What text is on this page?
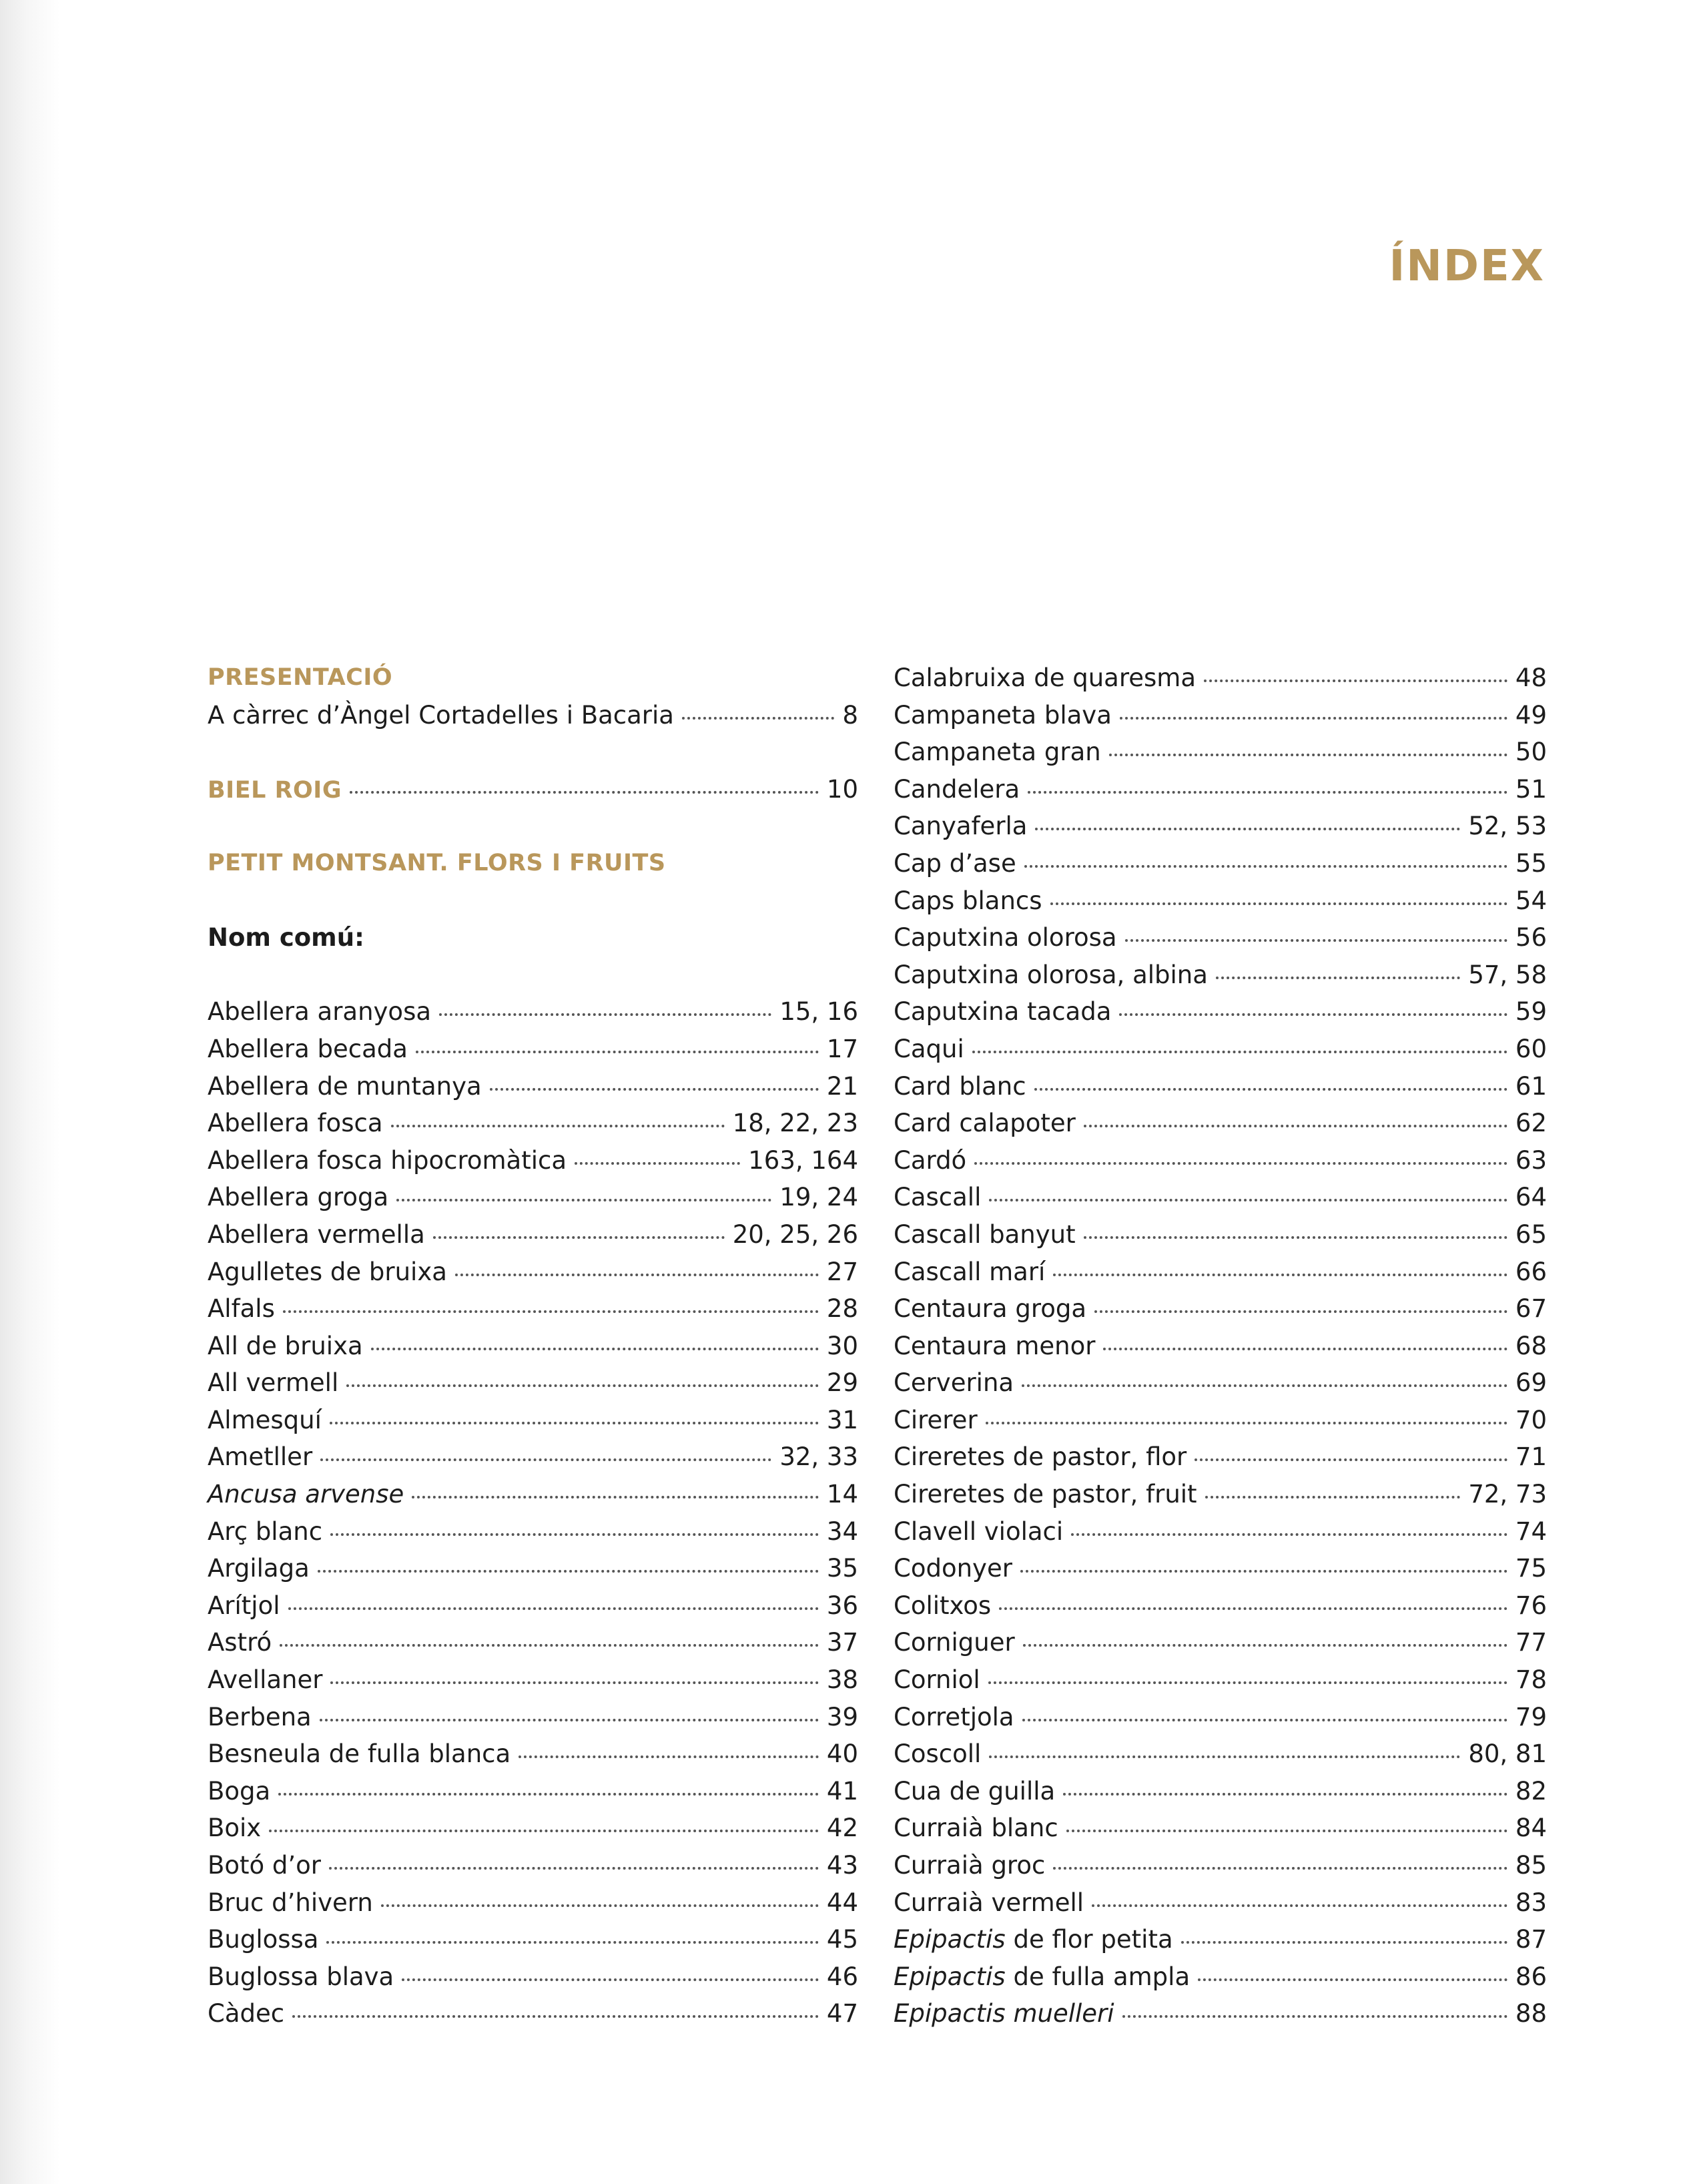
ÍNDEX
PRESENTACIÓ
A càrrec d’Àngel Cortadelles i Bacaria	8
BIEL ROIG	10
PETIT MONTSANT. FLORS I FRUITS
Nom comú:
Abellera aranyosa	15, 16
Abellera becada	17
Abellera de muntanya	21
Abellera fosca	18, 22, 23
Abellera fosca hipocromàtica	163, 164
Abellera groga	19, 24
Abellera vermella	20, 25, 26
Agulletes de bruixa	27
Alfals	28
All de bruixa	30
All vermell	29
Almesquí	31
Ametller	32, 33
Ancusa arvense	14
Arç blanc	34
Argilaga	35
Arítjol	36
Astró	37
Avellaner	38
Berbena	39
Besneula de fulla blanca	40
Boga	41
Boix	42
Botó d’or	43
Bruc d’hivern	44
Buglossa	45
Buglossa blava	46
Càdec	47
Calabruixa de quaresma	48
Campaneta blava	49
Campaneta gran	50
Candelera	51
Canyaferla	52, 53
Cap d’ase	55
Caps blancs	54
Caputxina olorosa	56
Caputxina olorosa, albina	57, 58
Caputxina tacada	59
Caqui	60
Card blanc	61
Card calapoter	62
Cardó	63
Cascall	64
Cascall banyut	65
Cascall marí	66
Centaura groga	67
Centaura menor	68
Cerverina	69
Cirerer	70
Cireretes de pastor, flor	71
Cireretes de pastor, fruit	72, 73
Clavell violaci	74
Codonyer	75
Colitxos	76
Corniguer	77
Corniol	78
Corretjola	79
Coscoll	80, 81
Cua de guilla	82
Curraià blanc	84
Curraià groc	85
Curraià vermell	83
Epipactis de flor petita	87
Epipactis de fulla ampla	86
Epipactis muelleri	88
